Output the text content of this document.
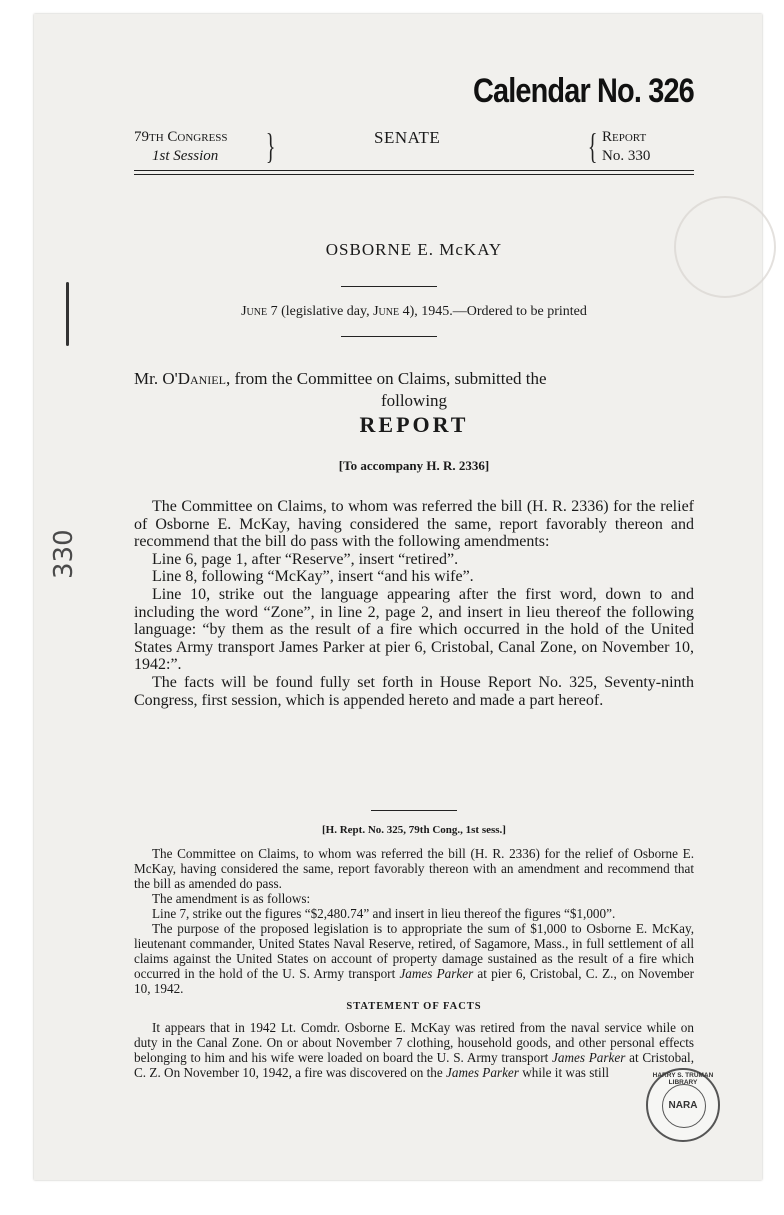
330
Calendar No. 326
79th Congress
1st Session }	SENATE	{ Report
No. 330
OSBORNE E. McKAY
June 7 (legislative day, June 4), 1945.—Ordered to be printed
Mr. O'Daniel, from the Committee on Claims, submitted the
following
REPORT
[To accompany H. R. 2336]

The Committee on Claims, to whom was referred the bill (H. R. 2336) for the relief of Osborne E. McKay, having considered the same, report favorably thereon and recommend that the bill do pass with the following amendments:

Line 6, page 1, after “Reserve”, insert “retired”.

Line 8, following “McKay”, insert “and his wife”.

Line 10, strike out the language appearing after the first word, down to and including the word “Zone”, in line 2, page 2, and insert in lieu thereof the following language: “by them as the result of a fire which occurred in the hold of the United States Army transport James Parker at pier 6, Cristobal, Canal Zone, on November 10, 1942:”.

The facts will be found fully set forth in House Report No. 325, Seventy-ninth Congress, first session, which is appended hereto and made a part hereof.

[H. Rept. No. 325, 79th Cong., 1st sess.]

The Committee on Claims, to whom was referred the bill (H. R. 2336) for the relief of Osborne E. McKay, having considered the same, report favorably thereon with an amendment and recommend that the bill as amended do pass.

The amendment is as follows:

Line 7, strike out the figures “$2,480.74” and insert in lieu thereof the figures “$1,000”.

The purpose of the proposed legislation is to appropriate the sum of $1,000 to Osborne E. McKay, lieutenant commander, United States Naval Reserve, retired, of Sagamore, Mass., in full settlement of all claims against the United States on account of property damage sustained as the result of a fire which occurred in the hold of the U. S. Army transport James Parker at pier 6, Cristobal, C. Z., on November 10, 1942.

STATEMENT OF FACTS

It appears that in 1942 Lt. Comdr. Osborne E. McKay was retired from the naval service while on duty in the Canal Zone. On or about November 7 clothing, household goods, and other personal effects belonging to him and his wife were loaded on board the U. S. Army transport James Parker at Cristobal, C. Z. On November 10, 1942, a fire was discovered on the James Parker while it was still	HARRY S. TRUMAN LIBRARY
NARA
